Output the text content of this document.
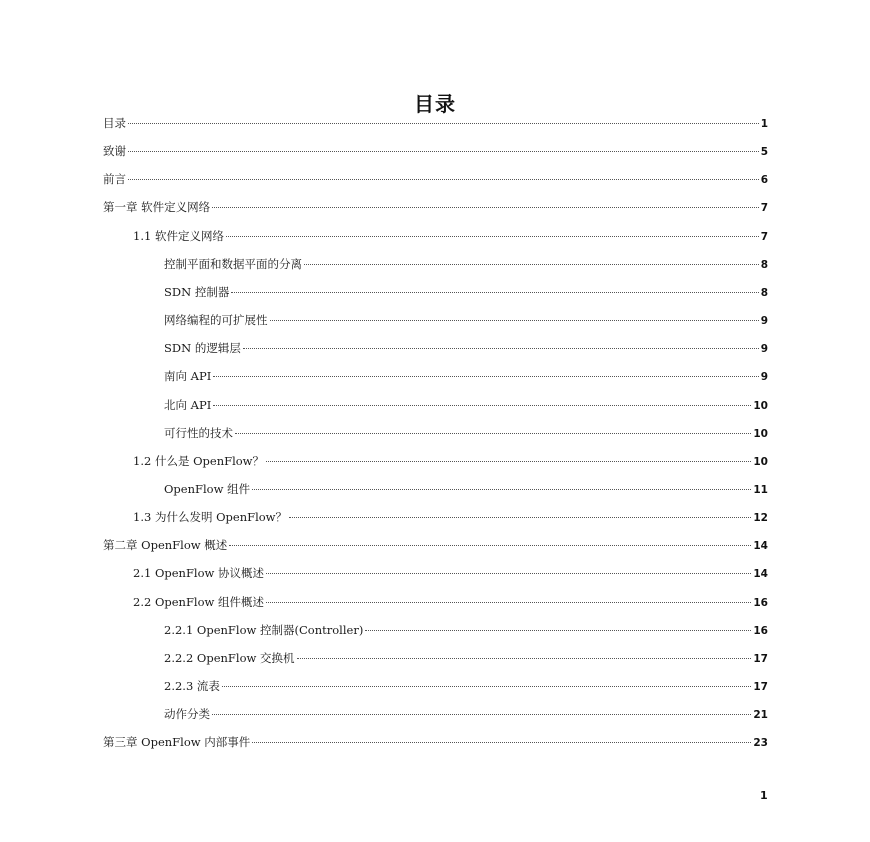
目录
目录	1
致谢	5
前言	6
第一章 软件定义网络	7
1.1 软件定义网络	7
控制平面和数据平面的分离	8
SDN 控制器	8
网络编程的可扩展性	9
SDN 的逻辑层	9
南向 API	9
北向 API	10
可行性的技术	10
1.2 什么是 OpenFlow？	10
OpenFlow 组件	11
1.3 为什么发明 OpenFlow？	12
第二章 OpenFlow 概述	14
2.1 OpenFlow 协议概述	14
2.2 OpenFlow 组件概述	16
2.2.1 OpenFlow 控制器(Controller)	16
2.2.2 OpenFlow 交换机	17
2.2.3 流表	17
动作分类	21
第三章 OpenFlow 内部事件	23
1
